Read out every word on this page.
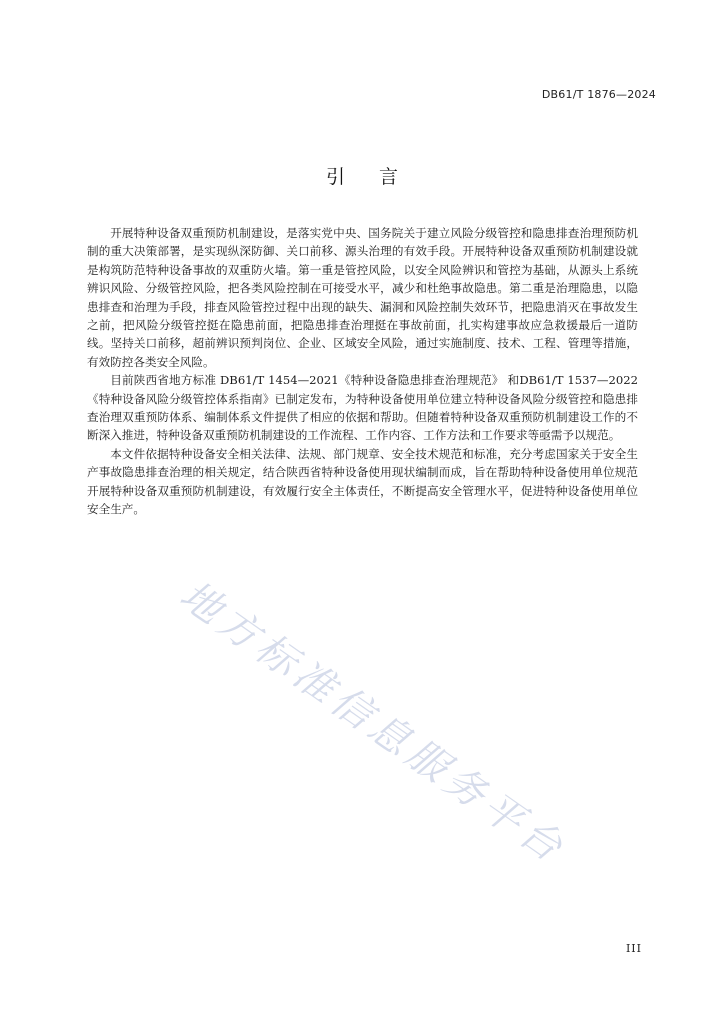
DB61/T 1876—2024
引言

开展特种设备双重预防机制建设，是落实党中央、国务院关于建立风险分级管控和隐患排查治理预防机制的重大决策部署，是实现纵深防御、关口前移、源头治理的有效手段。开展特种设备双重预防机制建设就是构筑防范特种设备事故的双重防火墙。第一重是管控风险，以安全风险辨识和管控为基础，从源头上系统辨识风险、分级管控风险，把各类风险控制在可接受水平，减少和杜绝事故隐患。第二重是治理隐患，以隐患排查和治理为手段，排查风险管控过程中出现的缺失、漏洞和风险控制失效环节，把隐患消灭在事故发生之前，把风险分级管控挺在隐患前面，把隐患排查治理挺在事故前面，扎实构建事故应急救援最后一道防线。坚持关口前移，超前辨识预判岗位、企业、区域安全风险，通过实施制度、技术、工程、管理等措施，有效防控各类安全风险。

目前陕西省地方标准 DB61/T 1454—2021《特种设备隐患排查治理规范》 和DB61/T 1537—2022《特种设备风险分级管控体系指南》已制定发布，为特种设备使用单位建立特种设备风险分级管控和隐患排查治理双重预防体系、编制体系文件提供了相应的依据和帮助。但随着特种设备双重预防机制建设工作的不断深入推进，特种设备双重预防机制建设的工作流程、工作内容、工作方法和工作要求等亟需予以规范。

本文件依据特种设备安全相关法律、法规、部门规章、安全技术规范和标准，充分考虑国家关于安全生产事故隐患排查治理的相关规定，结合陕西省特种设备使用现状编制而成，旨在帮助特种设备使用单位规范开展特种设备双重预防机制建设，有效履行安全主体责任，不断提高安全管理水平，促进特种设备使用单位安全生产。

地方标准信息服务平台
III
